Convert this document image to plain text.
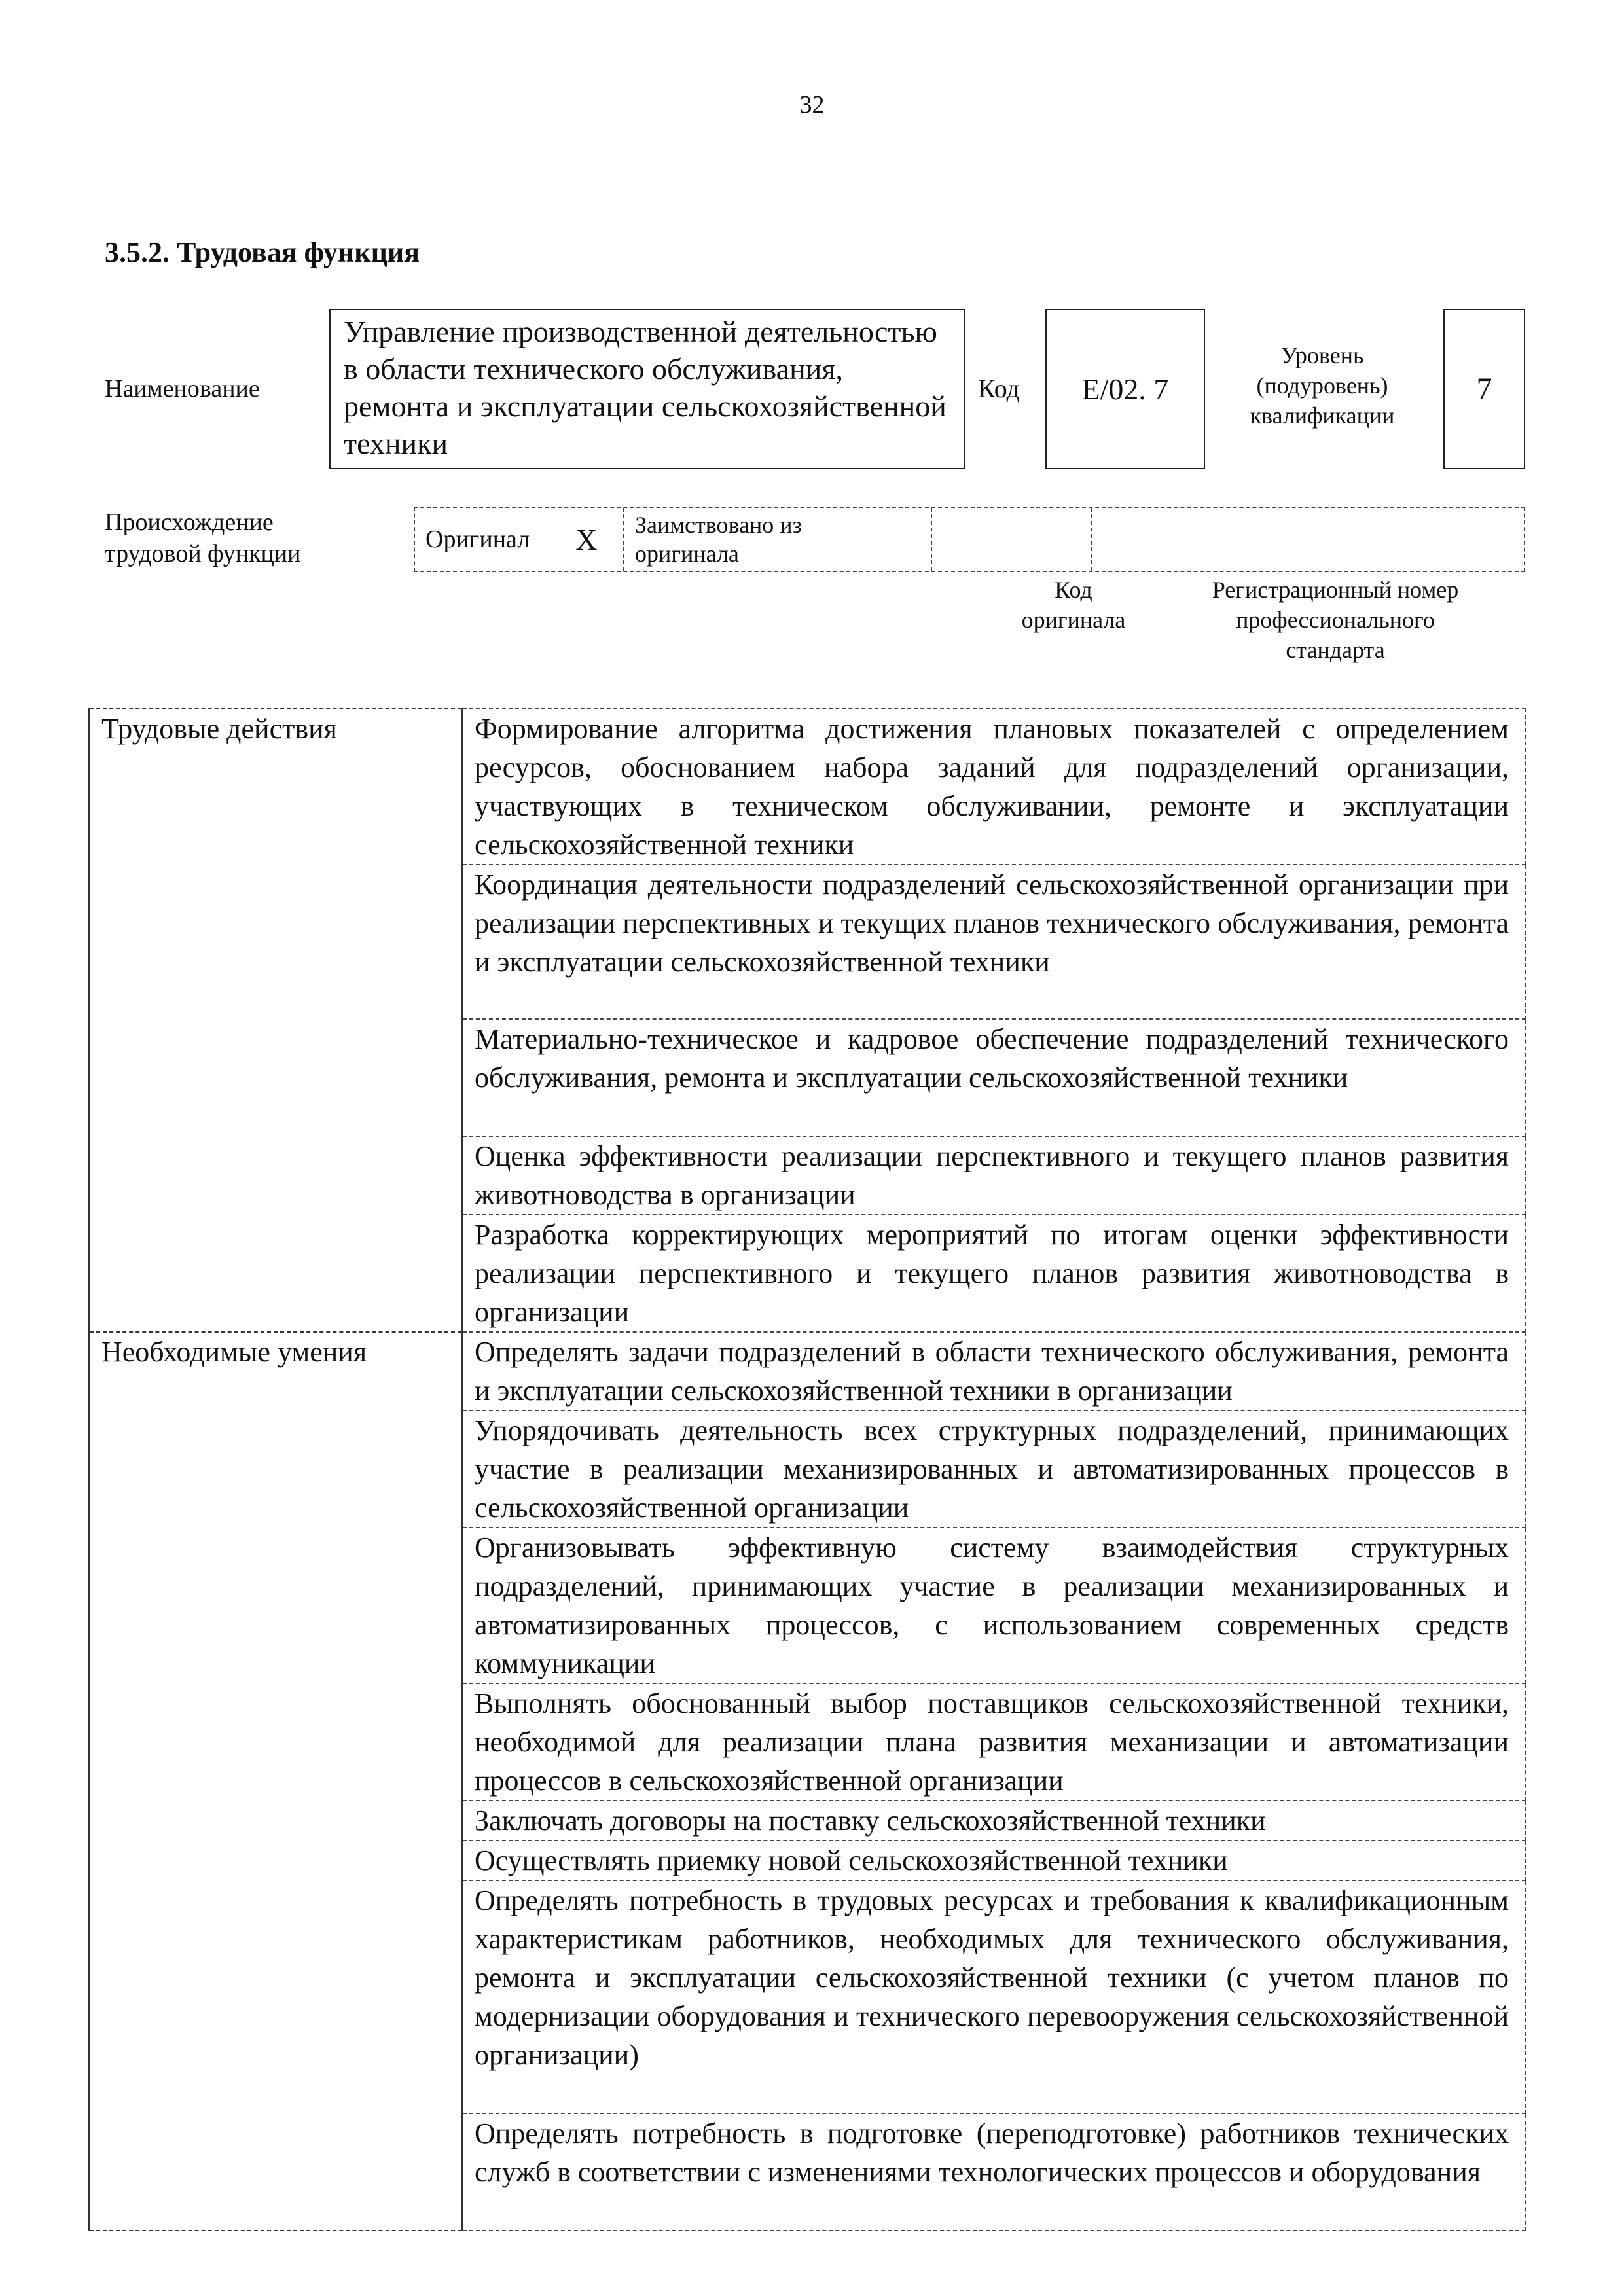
32
3.5.2. Трудовая функция
Наименование
Управление производственной деятельностью в области технического обслуживания, ремонта и эксплуатации сельскохозяйственной техники
Код	E/02. 7
Уровень
(подуровень)
квалификации
7
Происхождение
трудовой функции
Оригинал X Заимствовано из
оригинала
Код
оригинала
Регистрационный номер
профессионального
стандарта
Трудовые действия	Формирование алгоритма достижения плановых показателей с определением ресурсов, обоснованием набора заданий для подразделений организации, участвующих в техническом обслуживании, ремонте и эксплуатации сельскохозяйственной техники
	Координация деятельности подразделений сельскохозяйственной организации при реализации перспективных и текущих планов технического обслуживания, ремонта и эксплуатации сельскохозяйственной техники
	Материально-техническое и кадровое обеспечение подразделений технического обслуживания, ремонта и эксплуатации сельскохозяйственной техники
	Оценка эффективности реализации перспективного и текущего планов развития животноводства в организации
	Разработка корректирующих мероприятий по итогам оценки эффективности реализации перспективного и текущего планов развития животноводства в организации
Необходимые умения	Определять задачи подразделений в области технического обслуживания, ремонта и эксплуатации сельскохозяйственной техники в организации
	Упорядочивать деятельность всех структурных подразделений, принимающих участие в реализации механизированных и автоматизированных процессов в сельскохозяйственной организации
	Организовывать эффективную систему взаимодействия структурных подразделений, принимающих участие в реализации механизированных и автоматизированных процессов, с использованием современных средств коммуникации
	Выполнять обоснованный выбор поставщиков сельскохозяйственной техники, необходимой для реализации плана развития механизации и автоматизации процессов в сельскохозяйственной организации
	Заключать договоры на поставку сельскохозяйственной техники
	Осуществлять приемку новой сельскохозяйственной техники
	Определять потребность в трудовых ресурсах и требования к квалификационным характеристикам работников, необходимых для технического обслуживания, ремонта и эксплуатации сельскохозяйственной техники (с учетом планов по модернизации оборудования и технического перевооружения сельскохозяйственной организации)
	Определять потребность в подготовке (переподготовке) работников технических служб в соответствии с изменениями технологических процессов и оборудования
